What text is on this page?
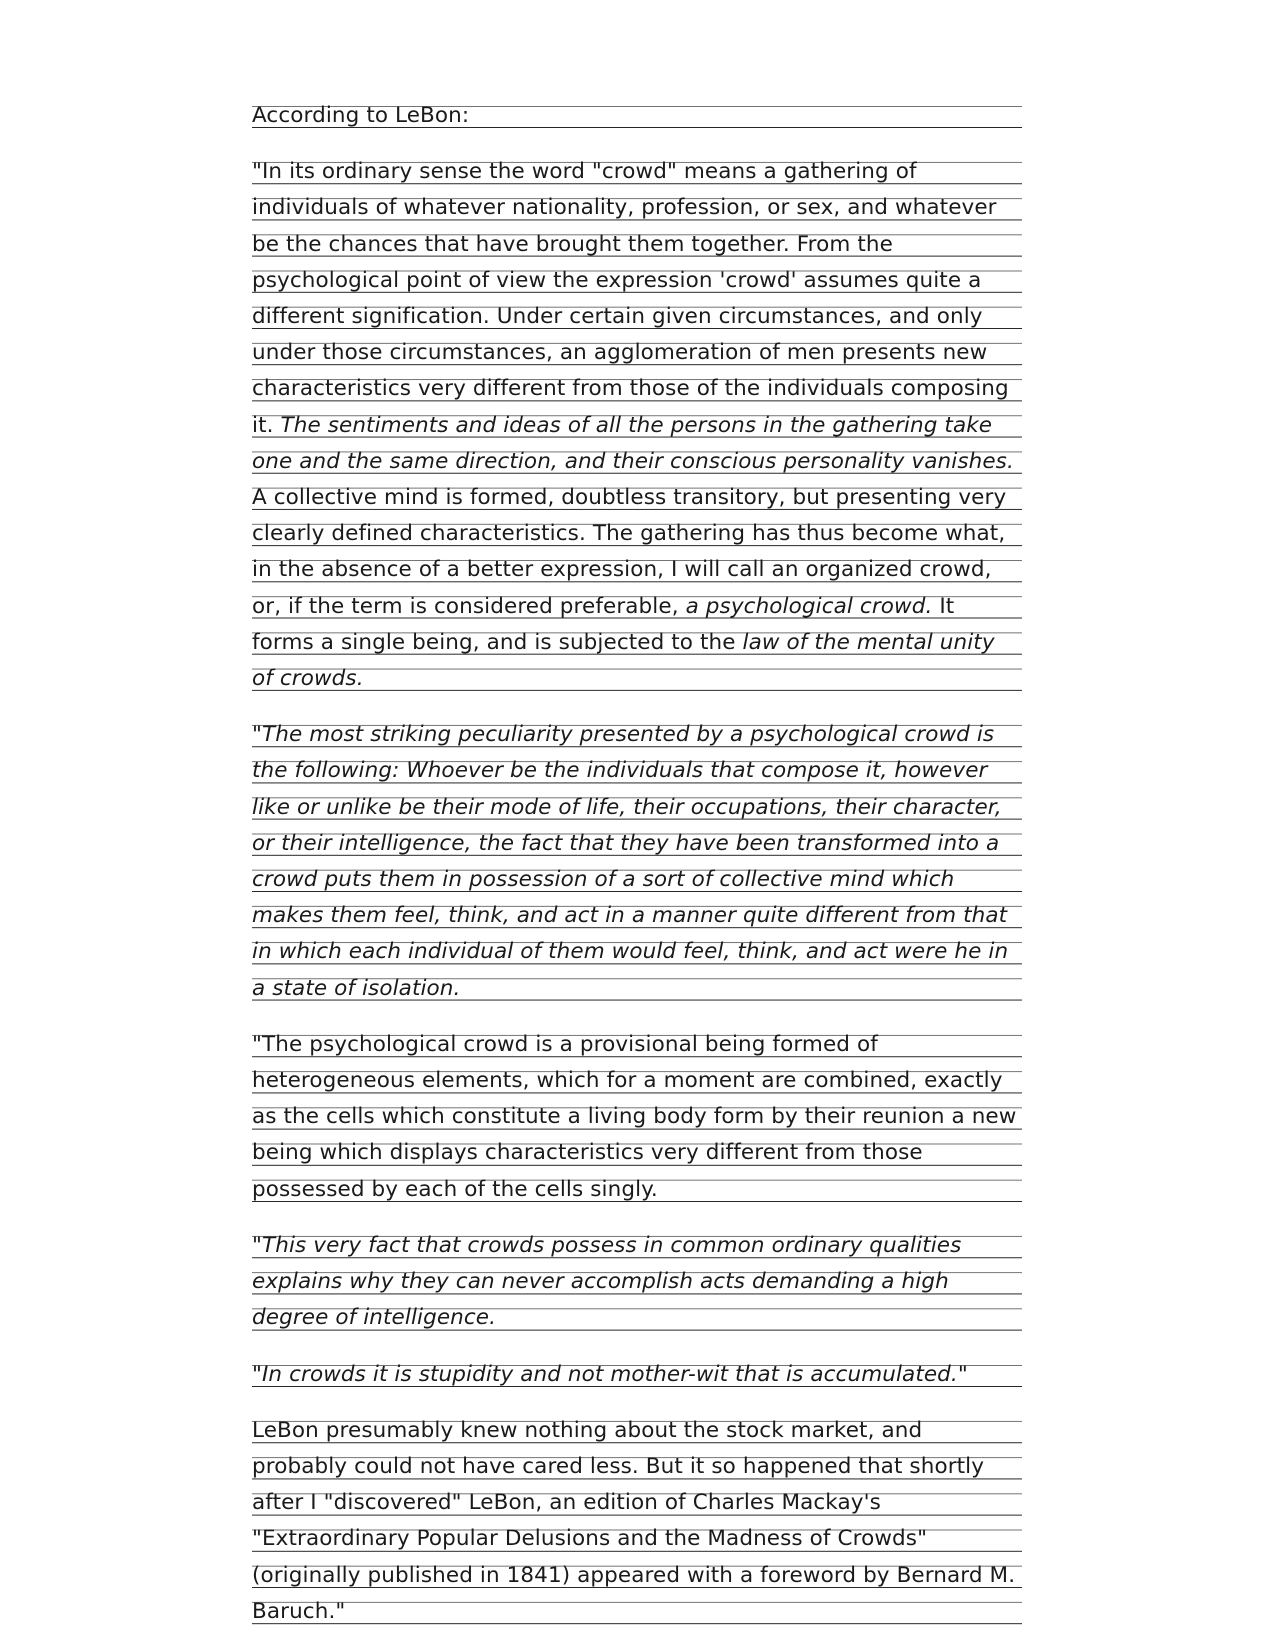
According to LeBon:

"In its ordinary sense the word "crowd" means a gathering of individuals of whatever nationality, profession, or sex, and whatever be the chances that have brought them together. From the psychological point of view the expression 'crowd' assumes quite a different signification. Under certain given circumstances, and only under those circumstances, an agglomeration of men presents new characteristics very different from those of the individuals composing it. The sentiments and ideas of all the persons in the gathering take one and the same direction, and their conscious personality vanishes. A collective mind is formed, doubtless transitory, but presenting very clearly defined characteristics. The gathering has thus become what, in the absence of a better expression, I will call an organized crowd, or, if the term is considered preferable, a psychological crowd. It forms a single being, and is subjected to the law of the mental unity of crowds.

"The most striking peculiarity presented by a psychological crowd is the following: Whoever be the individuals that compose it, however like or unlike be their mode of life, their occupations, their character, or their intelligence, the fact that they have been transformed into a crowd puts them in possession of a sort of collective mind which makes them feel, think, and act in a manner quite different from that in which each individual of them would feel, think, and act were he in a state of isolation.

"The psychological crowd is a provisional being formed of heterogeneous elements, which for a moment are combined, exactly as the cells which constitute a living body form by their reunion a new being which displays characteristics very different from those possessed by each of the cells singly.

"This very fact that crowds possess in common ordinary qualities explains why they can never accomplish acts demanding a high degree of intelligence.

"In crowds it is stupidity and not mother-wit that is accumulated."

LeBon presumably knew nothing about the stock market, and probably could not have cared less. But it so happened that shortly after I "discovered" LeBon, an edition of Charles Mackay's "Extraordinary Popular Delusions and the Madness of Crowds" (originally published in 1841) appeared with a foreword by Bernard M. Baruch."
